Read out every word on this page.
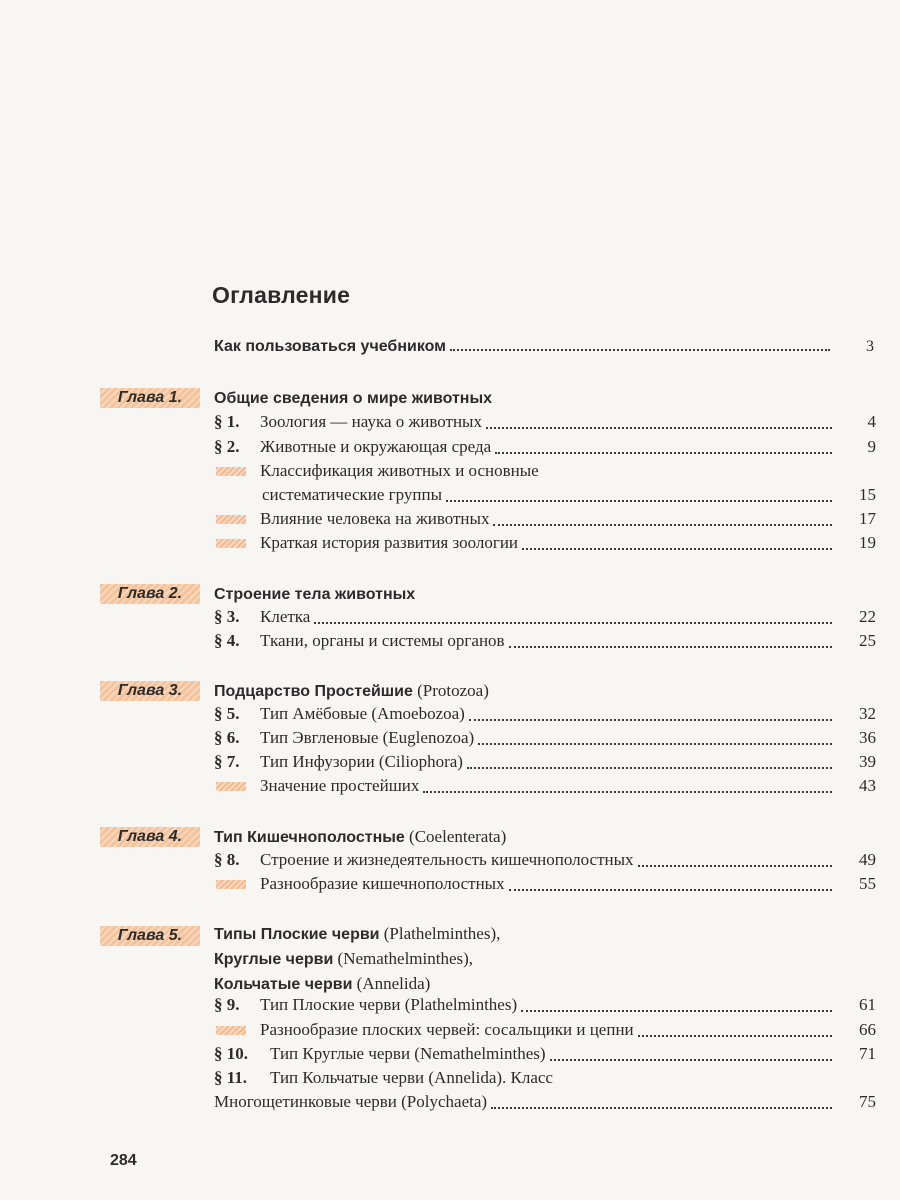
Оглавление
Как пользоваться учебником	3
Глава 1.	Общие сведения о мире животных
§ 1.	Зоология — наука о животных	4
§ 2.	Животные и окружающая среда	9
Классификация животных и основные
систематические группы	15
Влияние человека на животных	17
Краткая история развития зоологии	19
Глава 2.	Строение тела животных
§ 3.	Клетка	22
§ 4.	Ткани, органы и системы органов	25
Глава 3.	Подцарство Простейшие (Protozoa)
§ 5.	Тип Амёбовые (Amoebozoa)	32
§ 6.	Тип Эвгленовые (Euglenozoa)	36
§ 7.	Тип Инфузории (Ciliophora)	39
Значение простейших	43
Глава 4.	Тип Кишечнополостные (Coelenterata)
§ 8.	Строение и жизнедеятельность кишечнополостных	49
Разнообразие кишечнополостных	55
Глава 5.	Типы Плоские черви (Plathelminthes),
Круглые черви (Nemathelminthes),
Кольчатые черви (Annelida)
§ 9.	Тип Плоские черви (Plathelminthes)	61
Разнообразие плоских червей: сосальщики и цепни	66
§ 10.	Тип Круглые черви (Nemathelminthes)	71
§ 11.	Тип Кольчатые черви (Annelida). Класс
Многощетинковые черви (Polychaeta)	75
284
